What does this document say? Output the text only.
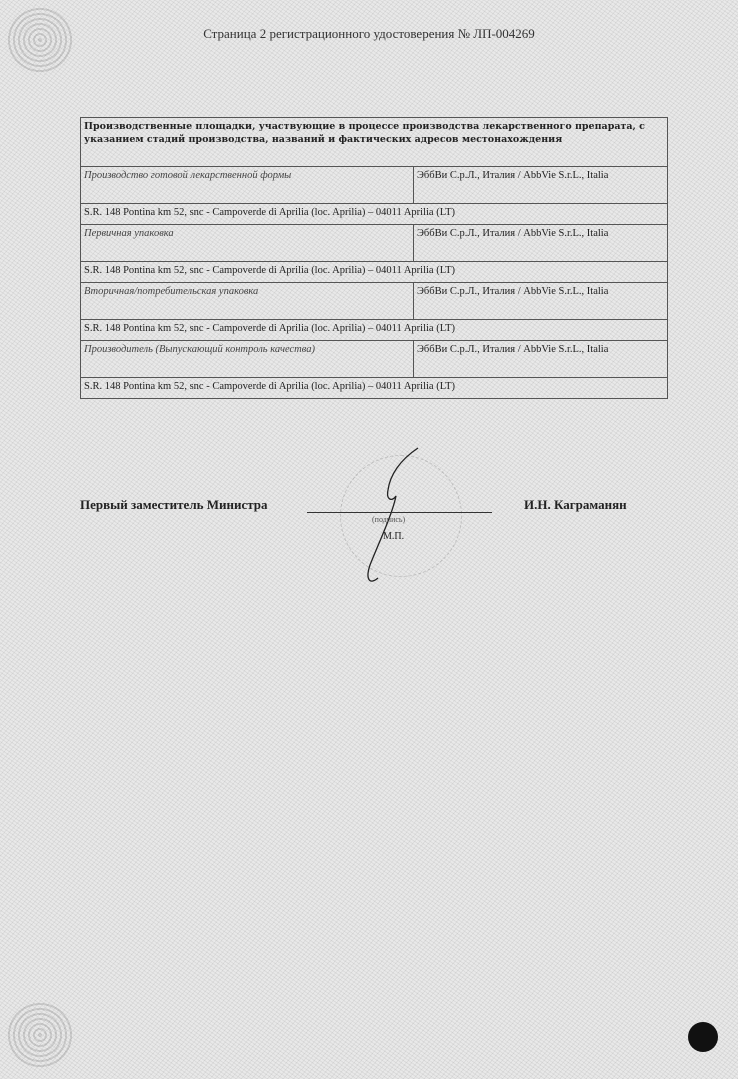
Страница 2 регистрационного удостоверения № ЛП-004269
Производственные площадки, участвующие в процессе производства лекарственного препарата, с указанием стадий производства, названий и фактических адресов местонахождения	
Производство готовой лекарственной формы	ЭббВи С.р.Л., Италия / AbbVie S.r.L., Italia
S.R. 148 Pontina km 52, snc - Campoverde di Aprilia (loc. Aprilia) – 04011 Aprilia (LT)	
Первичная упаковка	ЭббВи С.р.Л., Италия / AbbVie S.r.L., Italia
S.R. 148 Pontina km 52, snc - Campoverde di Aprilia (loc. Aprilia) – 04011 Aprilia (LT)	
Вторичная/потребительская упаковка	ЭббВи С.р.Л., Италия / AbbVie S.r.L., Italia
S.R. 148 Pontina km 52, snc - Campoverde di Aprilia (loc. Aprilia) – 04011 Aprilia (LT)	
Производитель (Выпускающий контроль качества)	ЭббВи С.р.Л., Италия / AbbVie S.r.L., Italia
S.R. 148 Pontina km 52, snc - Campoverde di Aprilia (loc. Aprilia) – 04011 Aprilia (LT)	
Первый заместитель Министра
(подпись)
М.П.
И.Н. Каграманян
